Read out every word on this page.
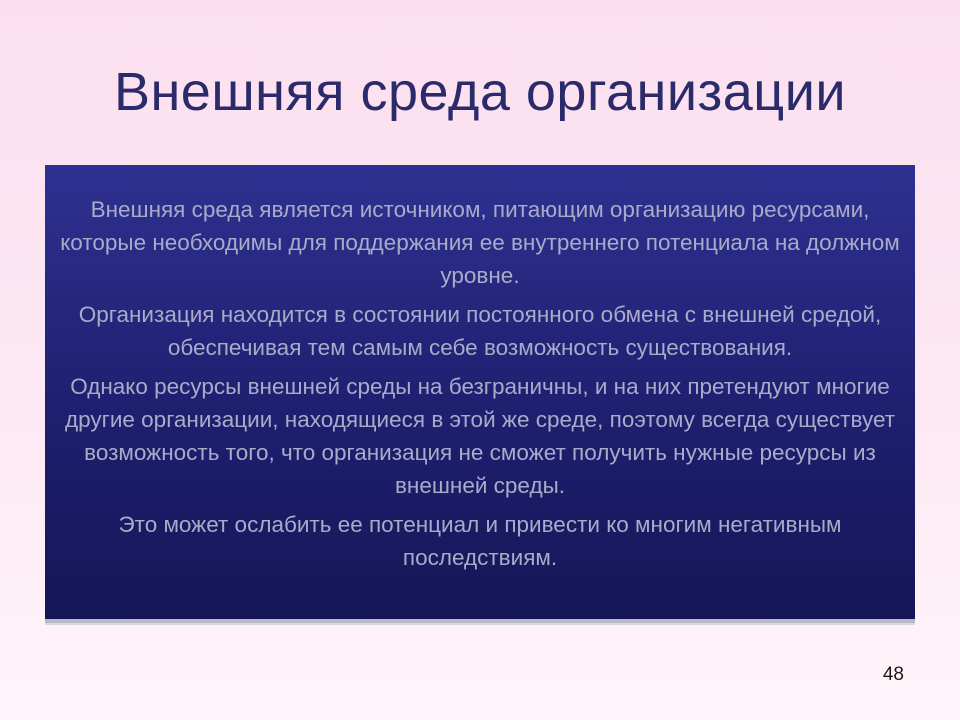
Внешняя среда организации

Внешняя среда является источником, питающим организацию ресурсами, которые необходимы для поддержания ее внутреннего потенциала на должном уровне.

Организация находится в состоянии постоянного обмена с внешней средой, обеспечивая тем самым себе возможность существования.

Однако ресурсы внешней среды на безграничны, и на них претендуют многие другие организации, находящиеся в этой же среде, поэтому всегда существует возможность того, что организация не сможет получить нужные ресурсы из внешней среды.

Это может ослабить ее потенциал и привести ко многим негативным последствиям.

48
